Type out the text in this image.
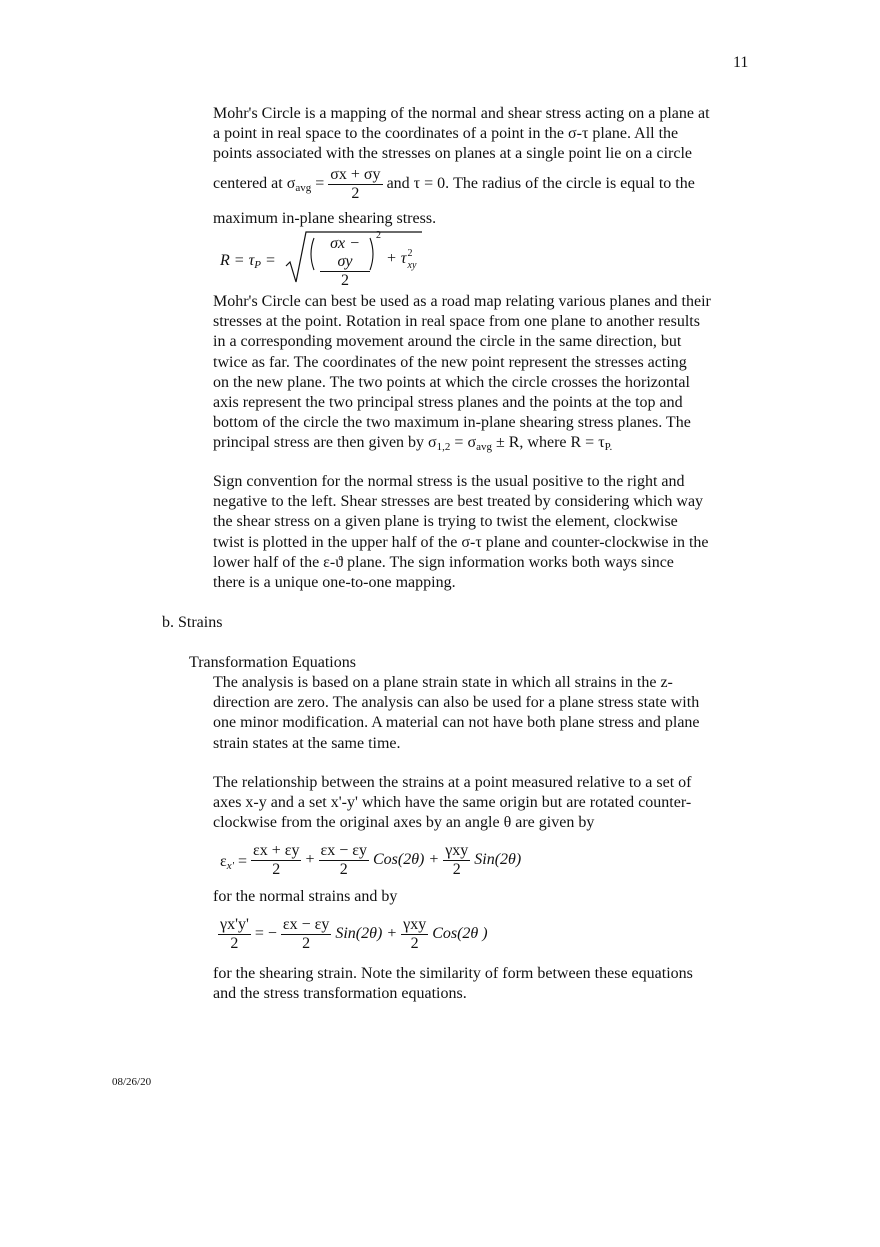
11
Mohr's Circle is a mapping of the normal and shear stress acting on a plane at
a point in real space to the coordinates of a point in the σ-τ plane. All the
points associated with the stresses on planes at a single point lie on a circle
centered at $\sigma_{avg} = \frac{\sigma x + \sigma y}{2}$ and τ = 0. The radius of the circle is equal to the
maximum in-plane shearing stress.
$R = \tau_P$ =	$\frac{\sigma x - \sigma y}{2} 2$
+ τ 2
xy
Mohr's Circle can best be used as a road map relating various planes and their
stresses at the point. Rotation in real space from one plane to another results
in a corresponding movement around the circle in the same direction, but
twice as far. The coordinates of the new point represent the stresses acting
on the new plane. The two points at which the circle crosses the horizontal
axis represent the two principal stress planes and the points at the top and
bottom of the circle the two maximum in-plane shearing stress planes. The
principal stress are then given by $\sigma_{1,2} = \sigma_{avg} \pm R$, where $R = \tau_{P.}$
Sign convention for the normal stress is the usual positive to the right and
negative to the left. Shear stresses are best treated by considering which way
the shear stress on a given plane is trying to twist the element, clockwise
twist is plotted in the upper half of the σ-τ plane and counter-clockwise in the
lower half of the ε-ϑ plane. The sign information works both ways since
there is a unique one-to-one mapping.
b. Strains
Transformation Equations
The analysis is based on a plane strain state in which all strains in the z-
direction are zero. The analysis can also be used for a plane stress state with
one minor modification. A material can not have both plane stress and plane
strain states at the same time.
The relationship between the strains at a point measured relative to a set of
axes x-y and a set x'-y' which have the same origin but are rotated counter-
clockwise from the original axes by an angle θ are given by
$\varepsilon_{x'} = \frac{\varepsilon x + \varepsilon y}{2} + \frac{\varepsilon x - \varepsilon y}{2} Cos(2\theta) + \frac{\text{γxy}}{2} Sin(2\theta)$
for the normal strains and by
$\frac{\gamma x'y'}{2}$ = − $\frac{\varepsilon x - \varepsilon y}{2} Sin(2\theta) + \frac{\text{γxy}}{2} Cos(2\theta$ )
for the shearing strain. Note the similarity of form between these equations
and the stress transformation equations.
08/26/20
